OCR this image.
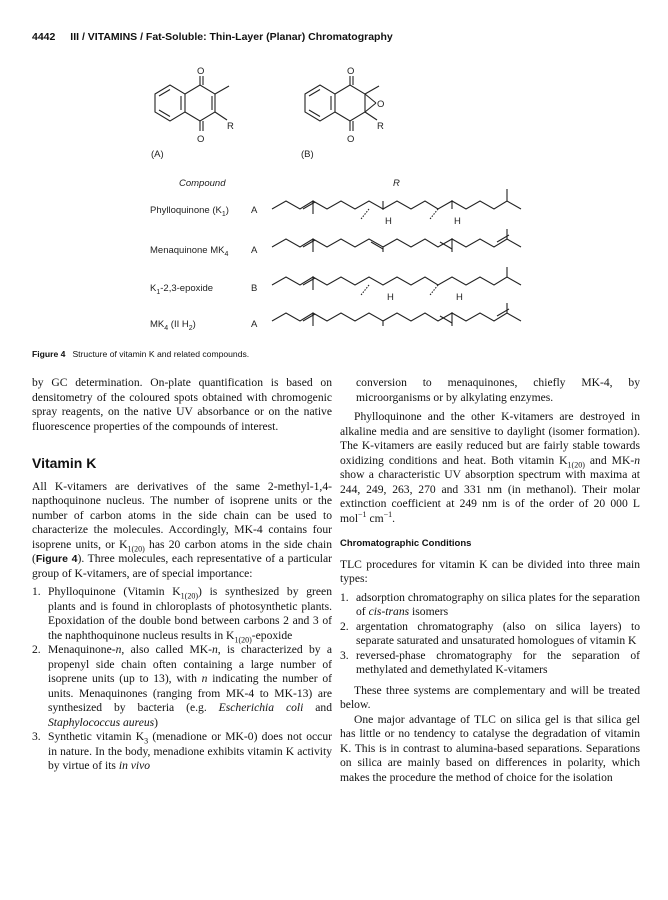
4442 III / VITAMINS / Fat-Soluble: Thin-Layer (Planar) Chromatography
O
O
R
(A)
O
O
O
R
(B)
Compound	R
Phylloquinone $(K_1)$ A
Menaquinone $MK_4$ A
$K_1-2,3$-epoxide	B
$MK_4$ (II $H_2$)	A
H	H
H	H
Figure 4 Structure of vitamin K and related compounds.

by GC determination. On-plate quantification is based on densitometry of the coloured spots obtained with chromogenic spray reagents, on the native UV absorbance or on the native fluorescence properties of the compounds of interest.

Vitamin K

All K-vitamers are derivatives of the same 2-methyl-1,4-napthoquinone nucleus. The number of isoprene units or the number of carbon atoms in the side chain can be used to characterize the molecules. Accordingly, MK-4 contains four isoprene units, or $K_{1(20)}$ has 20 carbon atoms in the side chain (Figure 4). Three molecules, each representative of a particular group of K-vitamers, are of special importance:

1. Phylloquinone (Vitamin $K_{1(20)}$) is synthesized by green plants and is found in chloroplasts of photosynthetic plants. Epoxidation of the double bond between carbons 2 and 3 of the naphthoquinone nucleus results in $K_{1(20)}$-epoxide
2. Menaquinone-n, also called MK-n, is characterized by a propenyl side chain often containing a large number of isoprene units (up to 13), with n indicating the number of units. Menaquinones (ranging from MK-4 to MK-13) are synthesized by bacteria (e.g. Escherichia coli and Staphylococcus aureus)
3. Synthetic vitamin $K_3$ (menadione or MK-0) does not occur in nature. In the body, menadione exhibits vitamin K activity by virtue of its in vivo

conversion to menaquinones, chiefly MK-4, by microorganisms or by alkylating enzymes.

Phylloquinone and the other K-vitamers are destroyed in alkaline media and are sensitive to daylight (isomer formation). The K-vitamers are easily reduced but are fairly stable towards oxidizing conditions and heat. Both vitamin $K_{1(20)}$ and MK-n show a characteristic UV absorption spectrum with maxima at 244, 249, 263, 270 and 331 nm (in methanol). Their molar extinction coefficient at 249 nm is of the order of 20 000 L mol$^{-1}$ $cm^{-1}$.

Chromatographic Conditions

TLC procedures for vitamin K can be divided into three main types:

1. adsorption chromatography on silica plates for the separation of cis-trans isomers
2. argentation chromatography (also on silica layers) to separate saturated and unsaturated homologues of vitamin K
3. reversed-phase chromatography for the separation of methylated and demethylated K-vitamers

These three systems are complementary and will be treated below.

One major advantage of TLC on silica gel is that silica gel has little or no tendency to catalyse the degradation of vitamin K. This is in contrast to alumina-based separations. Separations on silica are mainly based on differences in polarity, which makes the procedure the method of choice for the isolation
